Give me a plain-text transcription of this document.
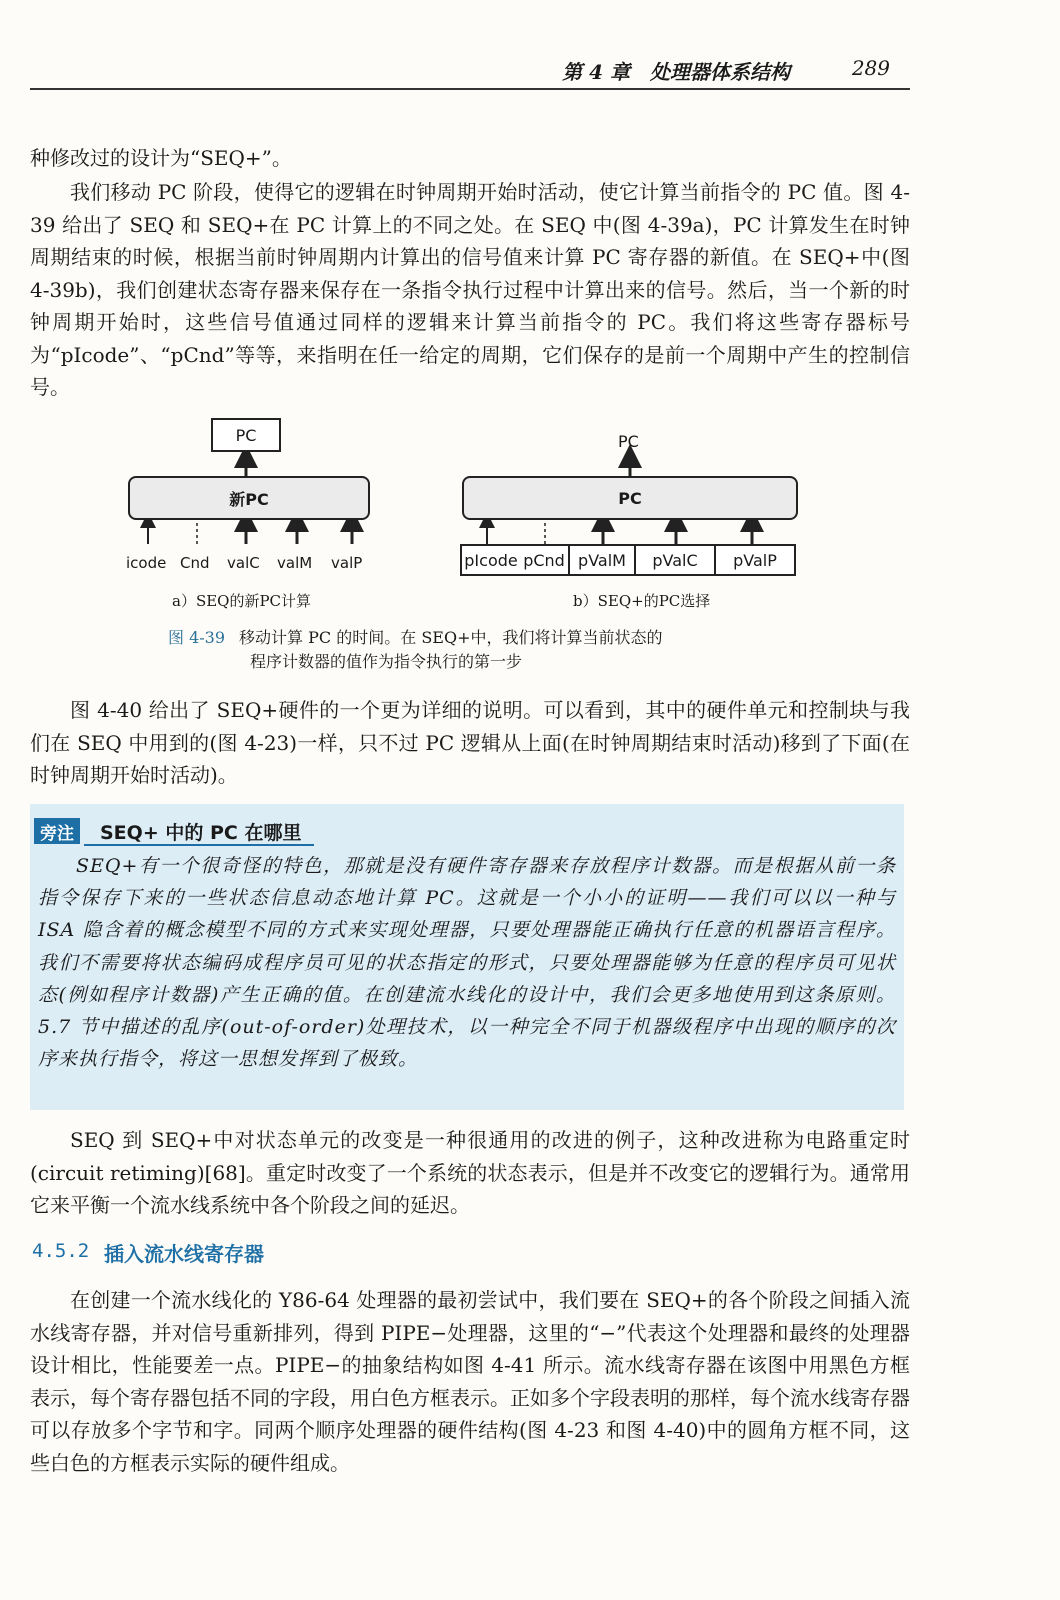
第 4 章　处理器体系结构	289

种修改过的设计为“SEQ+”。

我们移动 PC 阶段，使得它的逻辑在时钟周期开始时活动，使它计算当前指令的 PC 值。图 4-39 给出了 SEQ 和 SEQ+在 PC 计算上的不同之处。在 SEQ 中(图 4-39a)，PC 计算发生在时钟周期结束的时候，根据当前时钟周期内计算出的信号值来计算 PC 寄存器的新值。在 SEQ+中(图 4-39b)，我们创建状态寄存器来保存在一条指令执行过程中计算出来的信号。然后，当一个新的时钟周期开始时，这些信号值通过同样的逻辑来计算当前指令的 PC。我们将这些寄存器标号为“pIcode”、“pCnd”等等，来指明在任一给定的周期，它们保存的是前一个周期中产生的控制信号。

PC
新PC
icode Cnd valC valM valP
a）SEQ的新PC计算
PC
PC
pIcode pCnd pValM	pValC	pValP
b）SEQ+的PC选择
图 4-39 移动计算 PC 的时间。在 SEQ+中，我们将计算当前状态的
程序计数器的值作为指令执行的第一步

图 4-40 给出了 SEQ+硬件的一个更为详细的说明。可以看到，其中的硬件单元和控制块与我们在 SEQ 中用到的(图 4-23)一样，只不过 PC 逻辑从上面(在时钟周期结束时活动)移到了下面(在时钟周期开始时活动)。

旁注	SEQ+ 中的 PC 在哪里

SEQ+有一个很奇怪的特色，那就是没有硬件寄存器来存放程序计数器。而是根据从前一条指令保存下来的一些状态信息动态地计算 PC。这就是一个小小的证明——我们可以以一种与 ISA 隐含着的概念模型不同的方式来实现处理器，只要处理器能正确执行任意的机器语言程序。我们不需要将状态编码成程序员可见的状态指定的形式，只要处理器能够为任意的程序员可见状态(例如程序计数器)产生正确的值。在创建流水线化的设计中，我们会更多地使用到这条原则。5.7 节中描述的乱序(out-of-order)处理技术，以一种完全不同于机器级程序中出现的顺序的次序来执行指令，将这一思想发挥到了极致。

SEQ 到 SEQ+中对状态单元的改变是一种很通用的改进的例子，这种改进称为电路重定时(circuit retiming)[68]。重定时改变了一个系统的状态表示，但是并不改变它的逻辑行为。通常用它来平衡一个流水线系统中各个阶段之间的延迟。

4.5.2 插入流水线寄存器

在创建一个流水线化的 Y86-64 处理器的最初尝试中，我们要在 SEQ+的各个阶段之间插入流水线寄存器，并对信号重新排列，得到 PIPE−处理器，这里的“−”代表这个处理器和最终的处理器设计相比，性能要差一点。PIPE−的抽象结构如图 4-41 所示。流水线寄存器在该图中用黑色方框表示，每个寄存器包括不同的字段，用白色方框表示。正如多个字段表明的那样，每个流水线寄存器可以存放多个字节和字。同两个顺序处理器的硬件结构(图 4-23 和图 4-40)中的圆角方框不同，这些白色的方框表示实际的硬件组成。
